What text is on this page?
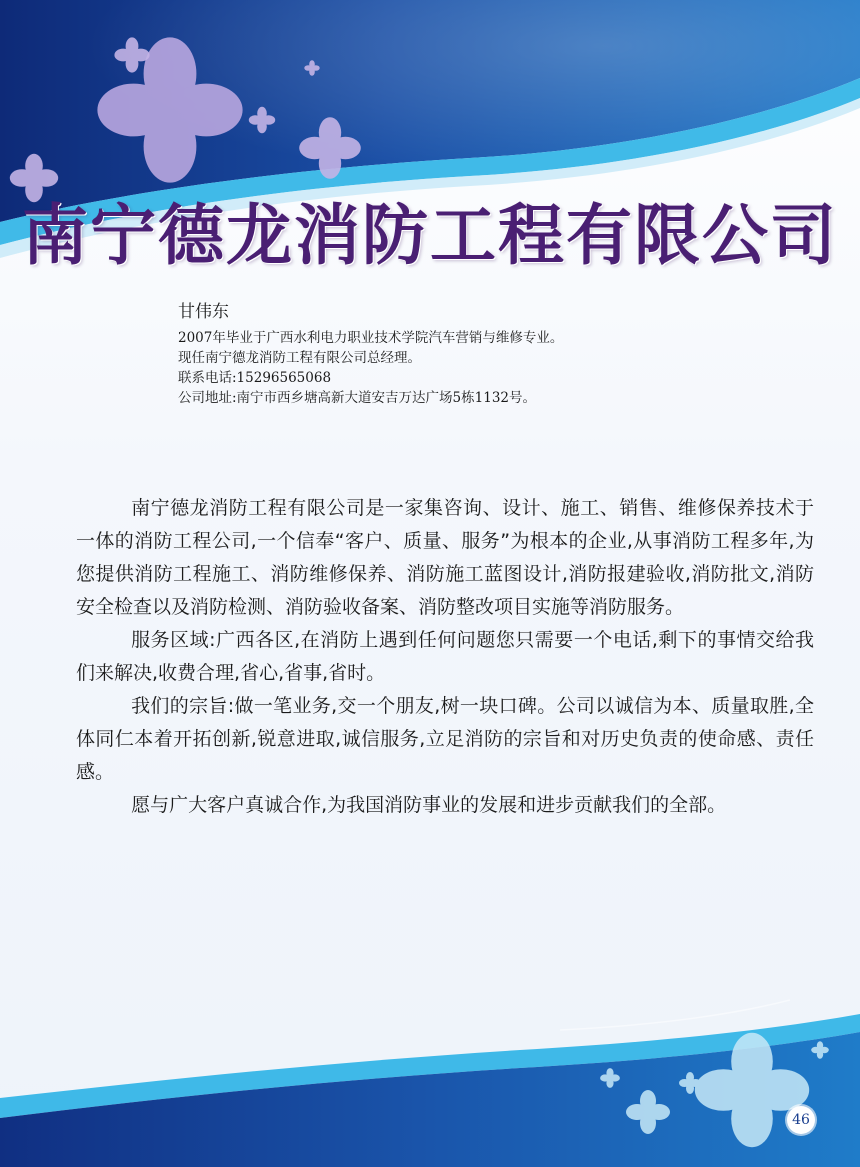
南宁德龙消防工程有限公司
甘伟东
2007年毕业于广西水利电力职业技术学院汽车营销与维修专业。
现任南宁德龙消防工程有限公司总经理。
联系电话:15296565068
公司地址:南宁市西乡塘高新大道安吉万达广场5栋1132号。

南宁德龙消防工程有限公司是一家集咨询、设计、施工、销售、维修保养技术于一体的消防工程公司,一个信奉“客户、质量、服务”为根本的企业,从事消防工程多年,为您提供消防工程施工、消防维修保养、消防施工蓝图设计,消防报建验收,消防批文,消防安全检查以及消防检测、消防验收备案、消防整改项目实施等消防服务。

服务区域:广西各区,在消防上遇到任何问题您只需要一个电话,剩下的事情交给我们来解决,收费合理,省心,省事,省时。

我们的宗旨:做一笔业务,交一个朋友,树一块口碑。公司以诚信为本、质量取胜,全体同仁本着开拓创新,锐意进取,诚信服务,立足消防的宗旨和对历史负责的使命感、责任感。

愿与广大客户真诚合作,为我国消防事业的发展和进步贡献我们的全部。

46
